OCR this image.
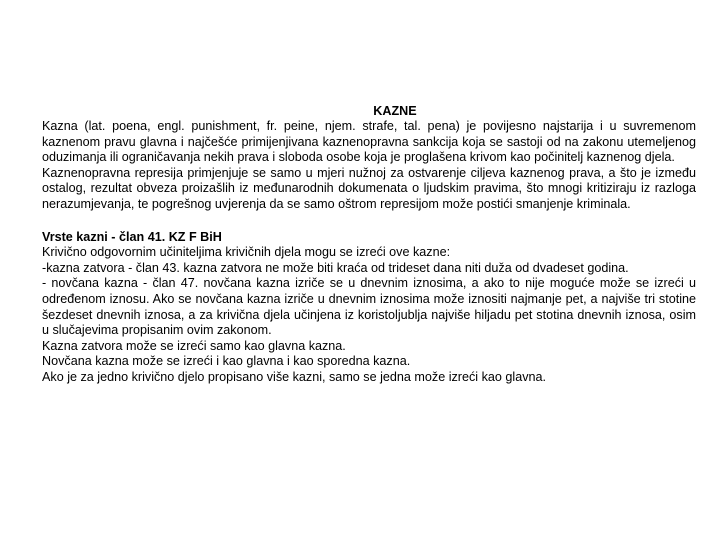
KAZNE

Kazna (lat. poena, engl. punishment, fr. peine, njem. strafe, tal. pena) je povijesno najstarija i u suvremenom kaznenom pravu glavna i najčešće primijenjivana kaznenopravna sankcija koja se sastoji od na zakonu utemeljenog oduzimanja ili ograničavanja nekih prava i sloboda osobe koja je proglašena krivom kao počinitelj kaznenog djela.

Kaznenopravna represija primjenjuje se samo u mjeri nužnoj za ostvarenje ciljeva kaznenog prava, a što je između ostalog, rezultat obveza proizašlih iz međunarodnih dokumenata o ljudskim pravima, što mnogi kritiziraju iz razloga nerazumjevanja, te pogrešnog uvjerenja da se samo oštrom represijom može postići smanjenje kriminala.

Vrste kazni - član 41. KZ F BiH

Krivično odgovornim učiniteljima krivičnih djela mogu se izreći ove kazne:

-kazna zatvora - član 43. kazna zatvora ne može biti kraća od trideset dana niti duža od dvadeset godina.

- novčana kazna - član 47. novčana kazna izriče se u dnevnim iznosima, a ako to nije moguće može se izreći u određenom iznosu. Ako se novčana kazna izriče u dnevnim iznosima može iznositi najmanje pet, a najviše tri stotine šezdeset dnevnih iznosa, a za krivična djela učinjena iz koristoljublja najviše hiljadu pet stotina dnevnih iznosa, osim u slučajevima propisanim ovim zakonom.

Kazna zatvora može se izreći samo kao glavna kazna.

Novčana kazna može se izreći i kao glavna i kao sporedna kazna.

Ako je za jedno krivično djelo propisano više kazni, samo se jedna može izreći kao glavna.
